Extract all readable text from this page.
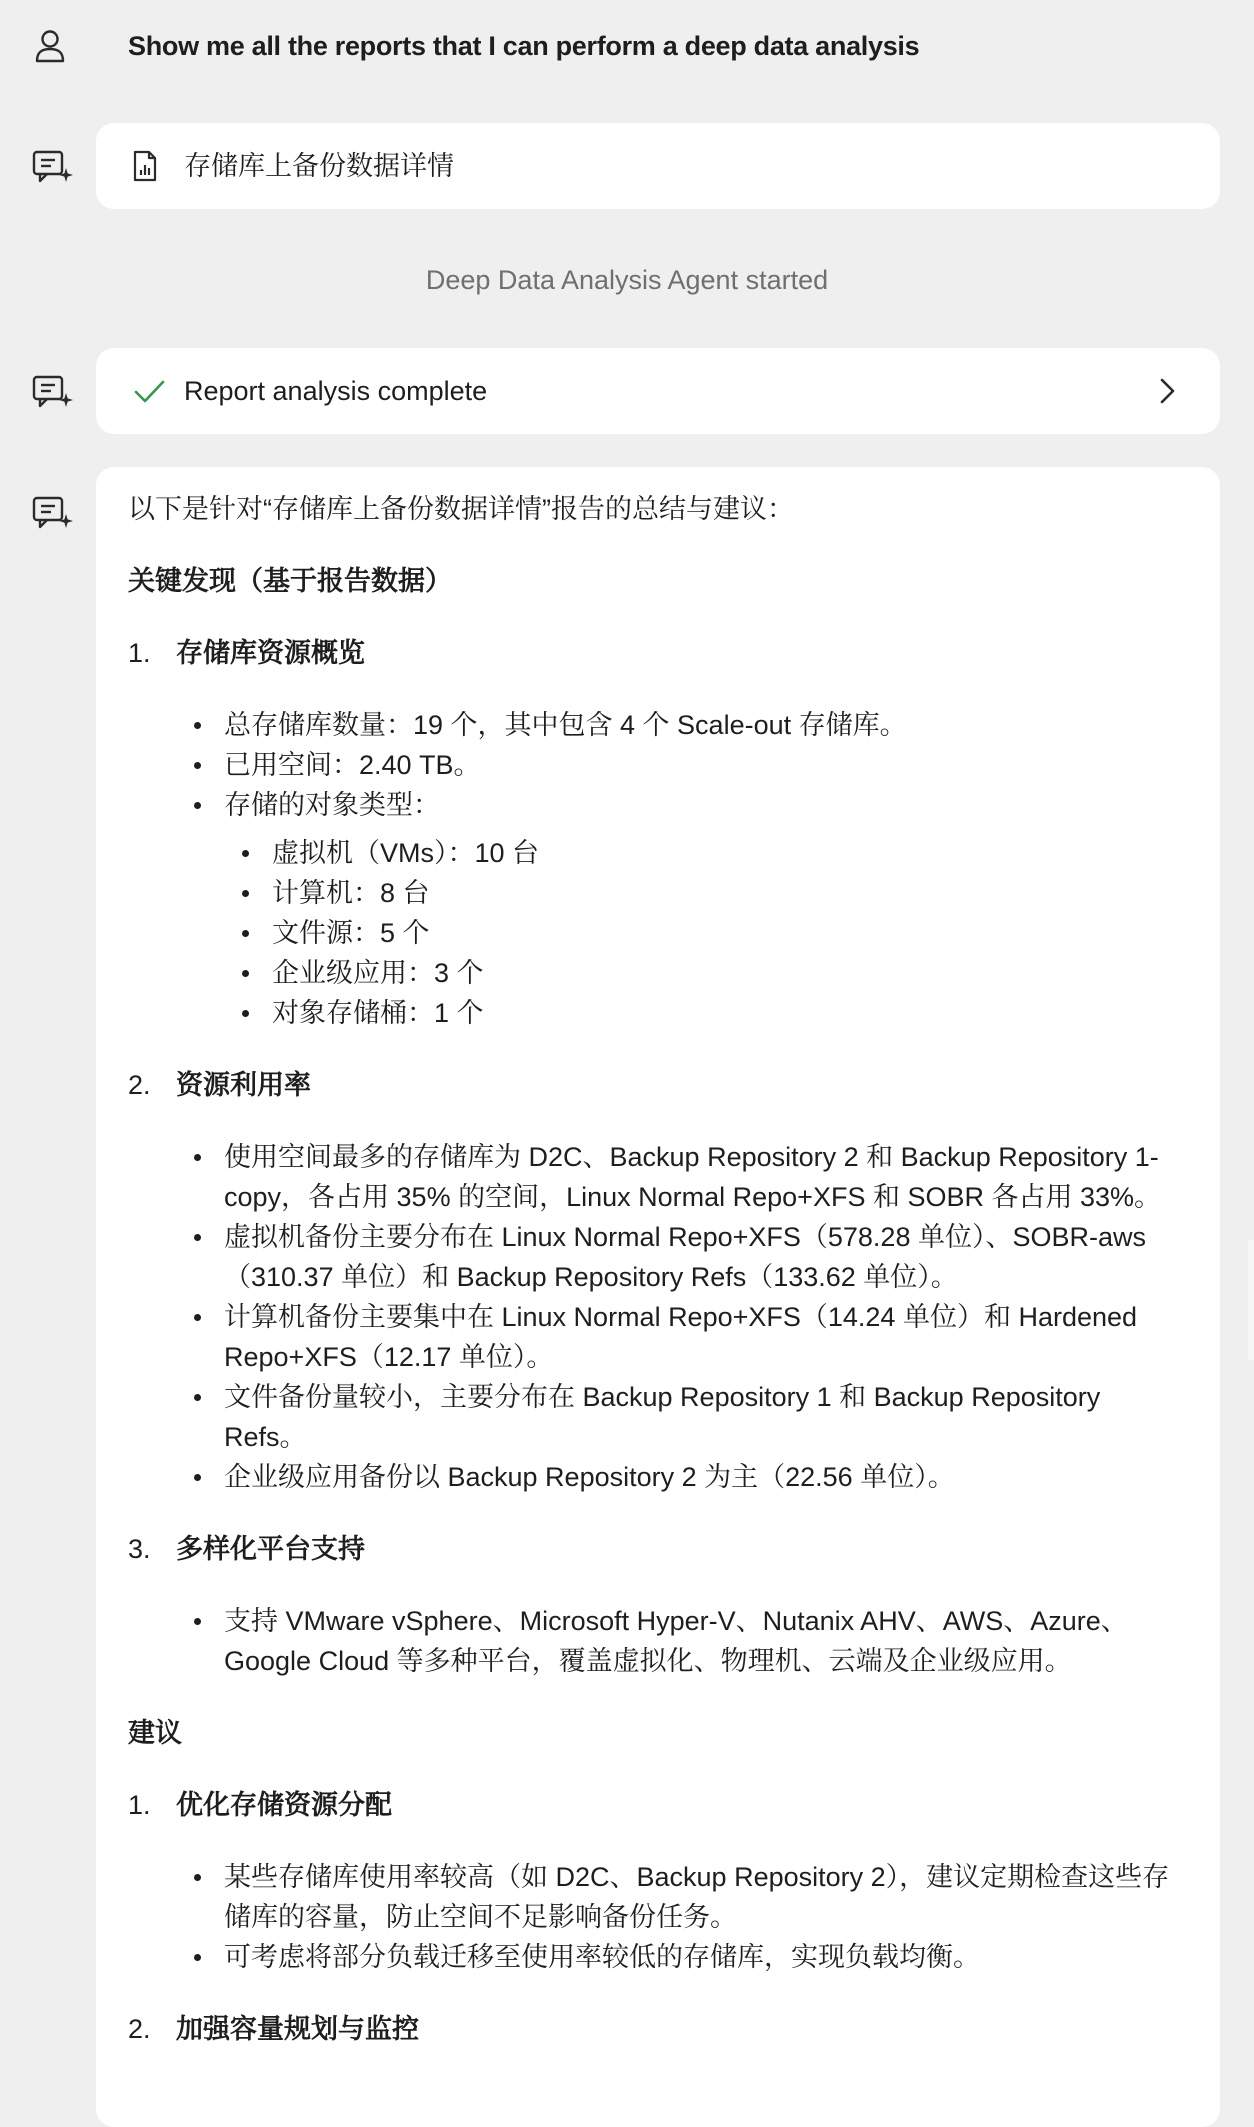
Show me all the reports that I can perform a deep data analysis
存储库上备份数据详情
Deep Data Analysis Agent started
Report analysis complete

以下是针对“存储库上备份数据详情”报告的总结与建议：

关键发现（基于报告数据）

1. 存储库资源概览
总存储库数量：19 个，其中包含 4 个 Scale-out 存储库。
已用空间：2.40 TB。
存储的对象类型：
虚拟机（VMs）：10 台
计算机：8 台
文件源：5 个
企业级应用：3 个
对象存储桶：1 个
2. 资源利用率
使用空间最多的存储库为 D2C、Backup Repository 2 和 Backup Repository 1-copy，各占用 35% 的空间，Linux Normal Repo+XFS 和 SOBR 各占用 33%。
虚拟机备份主要分布在 Linux Normal Repo+XFS（578.28 单位）、SOBR-aws（310.37 单位）和 Backup Repository Refs（133.62 单位）。
计算机备份主要集中在 Linux Normal Repo+XFS（14.24 单位）和 Hardened Repo+XFS（12.17 单位）。
文件备份量较小，主要分布在 Backup Repository 1 和 Backup Repository Refs。
企业级应用备份以 Backup Repository 2 为主（22.56 单位）。
3. 多样化平台支持
支持 VMware vSphere、Microsoft Hyper-V、Nutanix AHV、AWS、Azure、Google Cloud 等多种平台，覆盖虚拟化、物理机、云端及企业级应用。

建议

1. 优化存储资源分配
某些存储库使用率较高（如 D2C、Backup Repository 2），建议定期检查这些存储库的容量，防止空间不足影响备份任务。
可考虑将部分负载迁移至使用率较低的存储库，实现负载均衡。
2. 加强容量规划与监控
